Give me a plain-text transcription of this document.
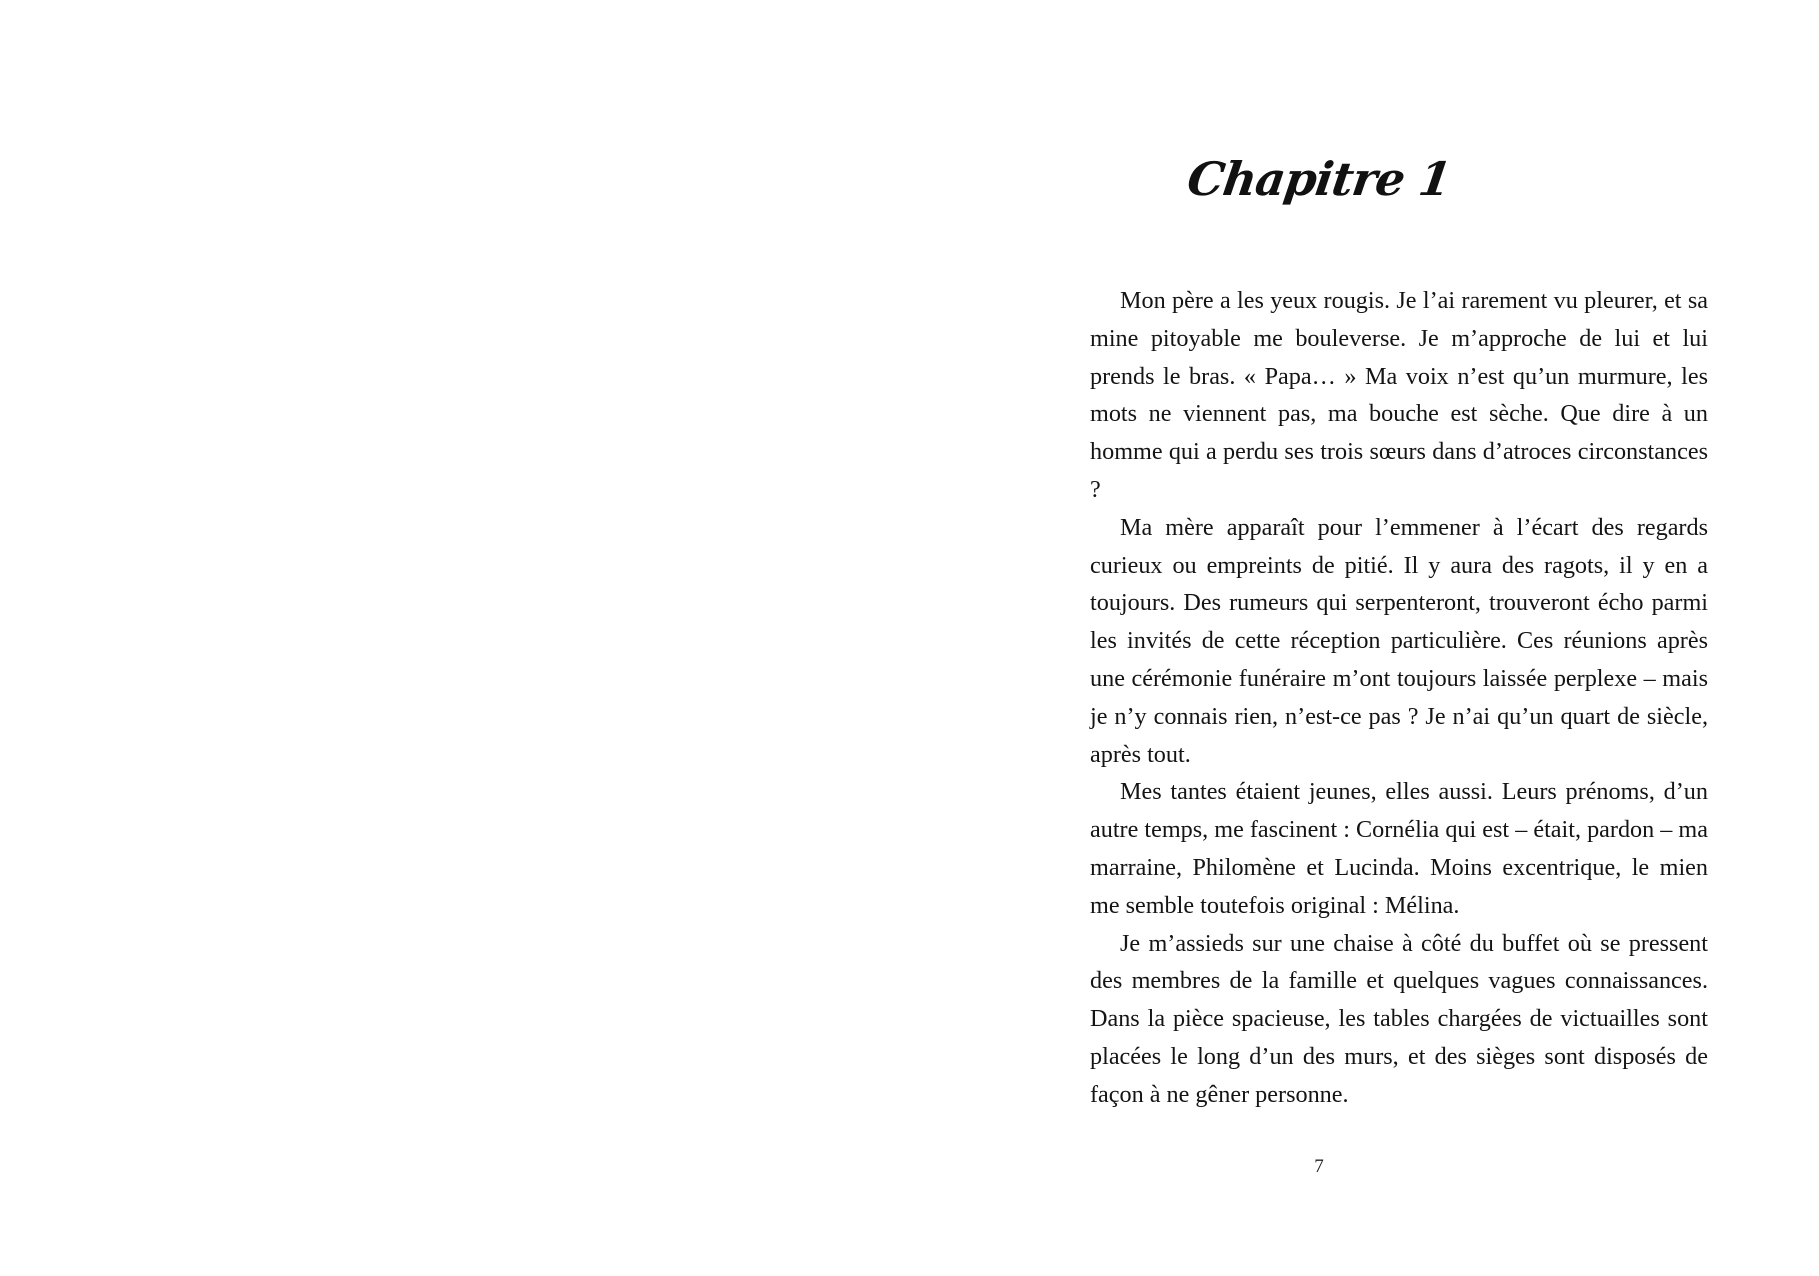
Chapitre 1

Mon père a les yeux rougis. Je l’ai rarement vu pleurer, et sa mine pitoyable me bouleverse. Je m’approche de lui et lui prends le bras. « Papa… » Ma voix n’est qu’un murmure, les mots ne viennent pas, ma bouche est sèche. Que dire à un homme qui a perdu ses trois sœurs dans d’atroces circonstances ?

Ma mère apparaît pour l’emmener à l’écart des regards curieux ou empreints de pitié. Il y aura des ragots, il y en a toujours. Des rumeurs qui serpenteront, trouveront écho parmi les invités de cette réception particulière. Ces réunions après une cérémonie funéraire m’ont toujours laissée perplexe – mais je n’y connais rien, n’est-ce pas ? Je n’ai qu’un quart de siècle, après tout.

Mes tantes étaient jeunes, elles aussi. Leurs prénoms, d’un autre temps, me fascinent : Cornélia qui est – était, pardon – ma marraine, Philomène et Lucinda. Moins excentrique, le mien me semble toutefois original : Mélina.

Je m’assieds sur une chaise à côté du buffet où se pressent des membres de la famille et quelques vagues connaissances. Dans la pièce spacieuse, les tables chargées de victuailles sont placées le long d’un des murs, et des sièges sont disposés de façon à ne gêner personne.

7
